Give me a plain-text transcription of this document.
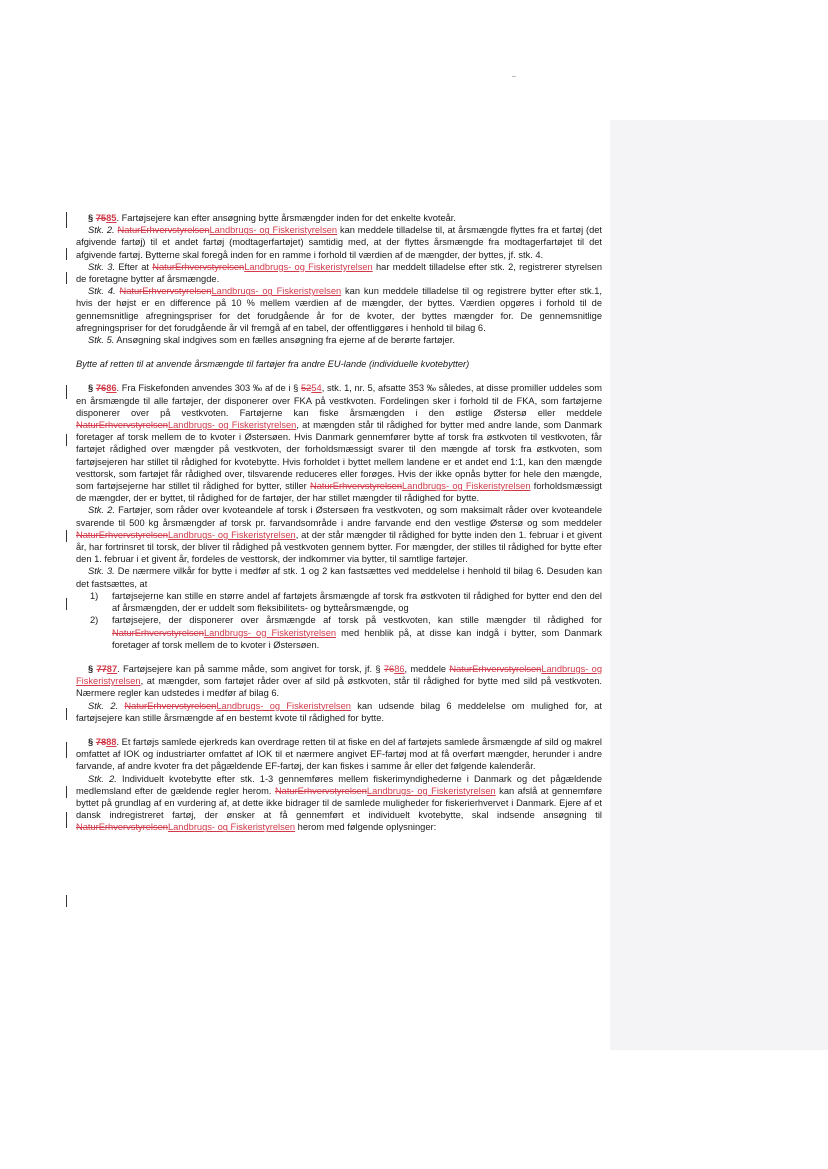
§ 7585. Fartøjsejere kan efter ansøgning bytte årsmængder inden for det enkelte kvoteår.

Stk. 2. NaturErhvervstyrelsenLandbrugs- og Fiskeristyrelsen kan meddele tilladelse til, at årsmængde flyttes fra et fartøj (det afgivende fartøj) til et andet fartøj (modtagerfartøjet) samtidig med, at der flyttes årsmængde fra modtagerfartøjet til det afgivende fartøj. Bytterne skal foregå inden for en ramme i forhold til værdien af de mængder, der byttes, jf. stk. 4.

Stk. 3. Efter at NaturErhvervstyrelsenLandbrugs- og Fiskeristyrelsen har meddelt tilladelse efter stk. 2, registrerer styrelsen de foretagne bytter af årsmængde.

Stk. 4. NaturErhvervstyrelsenLandbrugs- og Fiskeristyrelsen kan kun meddele tilladelse til og registrere bytter efter stk.1, hvis der højst er en difference på 10 % mellem værdien af de mængder, der byttes. Værdien opgøres i forhold til de gennemsnitlige afregningspriser for det forudgående år for de kvoter, der byttes mængder for. De gennemsnitlige afregningspriser for det forudgående år vil fremgå af en tabel, der offentliggøres i henhold til bilag 6.

Stk. 5. Ansøgning skal indgives som en fælles ansøgning fra ejerne af de berørte fartøjer.

Bytte af retten til at anvende årsmængde til fartøjer fra andre EU-lande (individuelle kvotebytter)

§ 7686. Fra Fiskefonden anvendes 303 ‰ af de i § 5254, stk. 1, nr. 5, afsatte 353 ‰ således, at disse promiller uddeles som en årsmængde til alle fartøjer, der disponerer over FKA på vestkvoten. Fordelingen sker i forhold til de FKA, som fartøjerne disponerer over på vestkvoten. Fartøjerne kan fiske årsmængden i den østlige Østersø eller meddele NaturErhvervstyrelsenLandbrugs- og Fiskeristyrelsen, at mængden står til rådighed for bytter med andre lande, som Danmark foretager af torsk mellem de to kvoter i Østersøen. Hvis Danmark gennemfører bytte af torsk fra østkvoten til vestkvoten, får fartøjet rådighed over mængder på vestkvoten, der forholdsmæssigt svarer til den mængde af torsk fra østkvoten, som fartøjsejeren har stillet til rådighed for kvotebytte. Hvis forholdet i byttet mellem landene er et andet end 1:1, kan den mængde vesttorsk, som fartøjet får rådighed over, tilsvarende reduceres eller forøges. Hvis der ikke opnås bytter for hele den mængde, som fartøjsejerne har stillet til rådighed for bytter, stiller NaturErhvervstyrelsenLandbrugs- og Fiskeristyrelsen forholdsmæssigt de mængder, der er byttet, til rådighed for de fartøjer, der har stillet mængder til rådighed for bytte.

Stk. 2. Fartøjer, som råder over kvoteandele af torsk i Østersøen fra vestkvoten, og som maksimalt råder over kvoteandele svarende til 500 kg årsmængder af torsk pr. farvandsområde i andre farvande end den vestlige Østersø og som meddeler NaturErhvervstyrelsenLandbrugs- og Fiskeristyrelsen, at der står mængder til rådighed for bytte inden den 1. februar i et givent år, har fortrinsret til torsk, der bliver til rådighed på vestkvoten gennem bytter. For mængder, der stilles til rådighed for bytte efter den 1. februar i et givent år, fordeles de vesttorsk, der indkommer via bytter, til samtlige fartøjer.

Stk. 3. De nærmere vilkår for bytte i medfør af stk. 1 og 2 kan fastsættes ved meddelelse i henhold til bilag 6. Desuden kan det fastsættes, at

1) fartøjsejerne kan stille en større andel af fartøjets årsmængde af torsk fra østkvoten til rådighed for bytter end den del af årsmængden, der er uddelt som fleksibilitets- og bytteårsmængde, og
2) fartøjsejere, der disponerer over årsmængde af torsk på vestkvoten, kan stille mængder til rådighed for NaturErhvervstyrelsenLandbrugs- og Fiskeristyrelsen med henblik på, at disse kan indgå i bytter, som Danmark foretager af torsk mellem de to kvoter i Østersøen.

§ 7787. Fartøjsejere kan på samme måde, som angivet for torsk, jf. § 7686, meddele NaturErhvervstyrelsenLandbrugs- og Fiskeristyrelsen, at mængder, som fartøjet råder over af sild på østkvoten, står til rådighed for bytte med sild på vestkvoten. Nærmere regler kan udstedes i medfør af bilag 6.

Stk. 2. NaturErhvervstyrelsenLandbrugs- og Fiskeristyrelsen kan udsende bilag 6 meddelelse om mulighed for, at fartøjsejere kan stille årsmængde af en bestemt kvote til rådighed for bytte.

§ 7888. Et fartøjs samlede ejerkreds kan overdrage retten til at fiske en del af fartøjets samlede årsmængde af sild og makrel omfattet af IOK og industriarter omfattet af IOK til et nærmere angivet EF-fartøj mod at få overført mængder, herunder i andre farvande, af andre kvoter fra det pågældende EF-fartøj, der kan fiskes i samme år eller det følgende kalenderår.

Stk. 2. Individuelt kvotebytte efter stk. 1-3 gennemføres mellem fiskerimyndighederne i Danmark og det pågældende medlemsland efter de gældende regler herom. NaturErhvervstyrelsenLandbrugs- og Fiskeristyrelsen kan afslå at gennemføre byttet på grundlag af en vurdering af, at dette ikke bidrager til de samlede muligheder for fiskerierhvervet i Danmark. Ejere af et dansk indregistreret fartøj, der ønsker at få gennemført et individuelt kvotebytte, skal indsende ansøgning til NaturErhvervstyrelsenLandbrugs- og Fiskeristyrelsen herom med følgende oplysninger:
